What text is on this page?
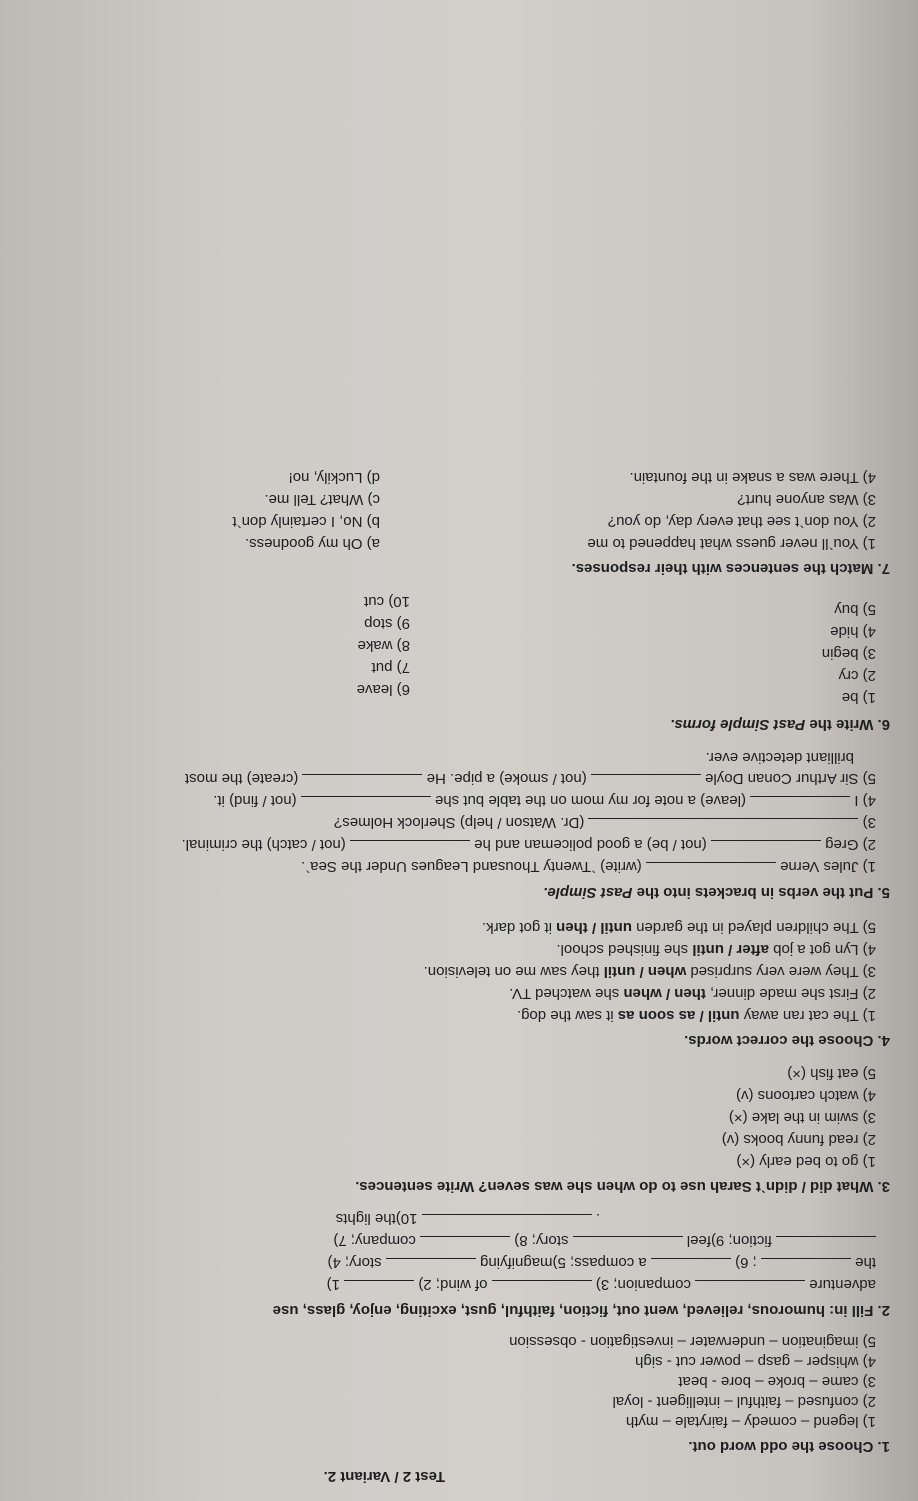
Test 2 / Variant 2.
1. Choose the odd word out.
1) legend – comedy – fairytale – myth
2) confused – faithful – intelligent - loyal
3) came – broke – bore - beat
4) whisper – gasp – power cut - sigh
5) imagination – underwater – investigation - obsession
2. Fill in: humorous, relieved, went out, fiction, faithful, gust, exciting, enjoy, glass, use
adventure  companion; 3)  of wind; 2)  1)
the  ; 6)  a compass; 5)magnifying  story; 4)
fiction; 9)feel  story; 8)  company; 7)
.  10)the lights
3. What did / didn`t Sarah use to do when she was seven? Write sentences.
1) go to bed early (×)
2) read funny books (v)
3) swim in the lake (×)
4) watch cartoons (v)
5) eat fish (×)
4. Choose the correct words.
1) The cat ran away until / as soon as it saw the dog.
2) First she made dinner, then / when she watched TV.
3) They were very surprised when / until they saw me on television.
4) Lyn got a job after / until she finished school.
5) The children played in the garden until / then it got dark.
5. Put the verbs in brackets into the Past Simple.
1) Jules Verne  (write) `Twenty Thousand Leagues Under the Sea`.
2) Greg  (not / be) a good policeman and he  (not / catch) the criminal.
3)  (Dr. Watson / help) Sherlock Holmes?
4) I  (leave) a note for my mom on the table but she  (not / find) it.
5) Sir Arthur Conan Doyle  (not / smoke) a pipe. He  (create) the most
brilliant detective ever.
6. Write the Past Simple forms.
1) be
2) cry
3) begin
4) hide
5) buy
6) leave
7) put
8) wake
9) stop
10) cut
7. Match the sentences with their responses.
1) You`ll never guess what happened to me
2) You don`t see that every day, do you?
3) Was anyone hurt?
4) There was a snake in the fountain.
a) Oh my goodness.
b) No, I certainly don`t
c) What? Tell me.
d) Luckily, no!
